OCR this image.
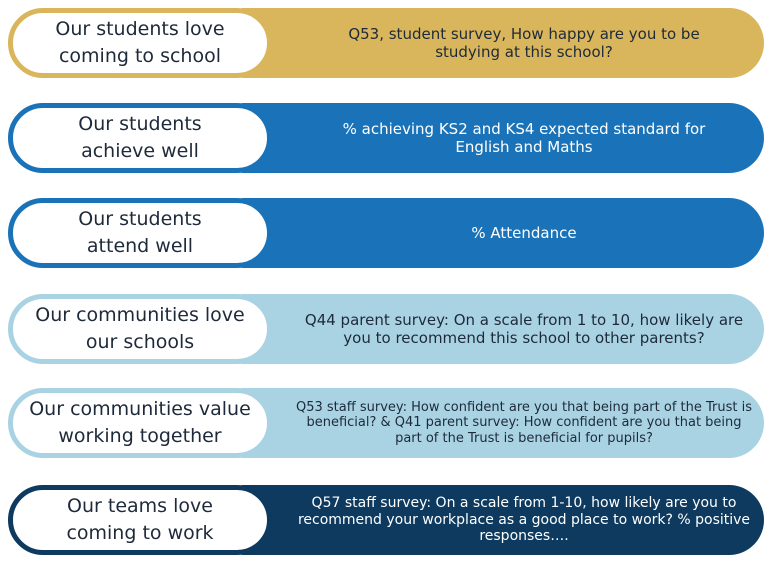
Q53, student survey, How happy are you to be studying at this school?
Our students love
coming to school
% achieving KS2 and KS4 expected standard for English and Maths
Our students
achieve well
% Attendance
Our students
attend well
Q44 parent survey: On a scale from 1 to 10, how likely are you to recommend this school to other parents?
Our communities love
our schools
Q53 staff survey: How confident are you that being part of the Trust is beneficial? & Q41 parent survey: How confident are you that being part of the Trust is beneficial for pupils?
Our communities value
working together
Q57 staff survey: On a scale from 1-10, how likely are you to recommend your workplace as a good place to work? % positive responses….
Our teams love
coming to work
